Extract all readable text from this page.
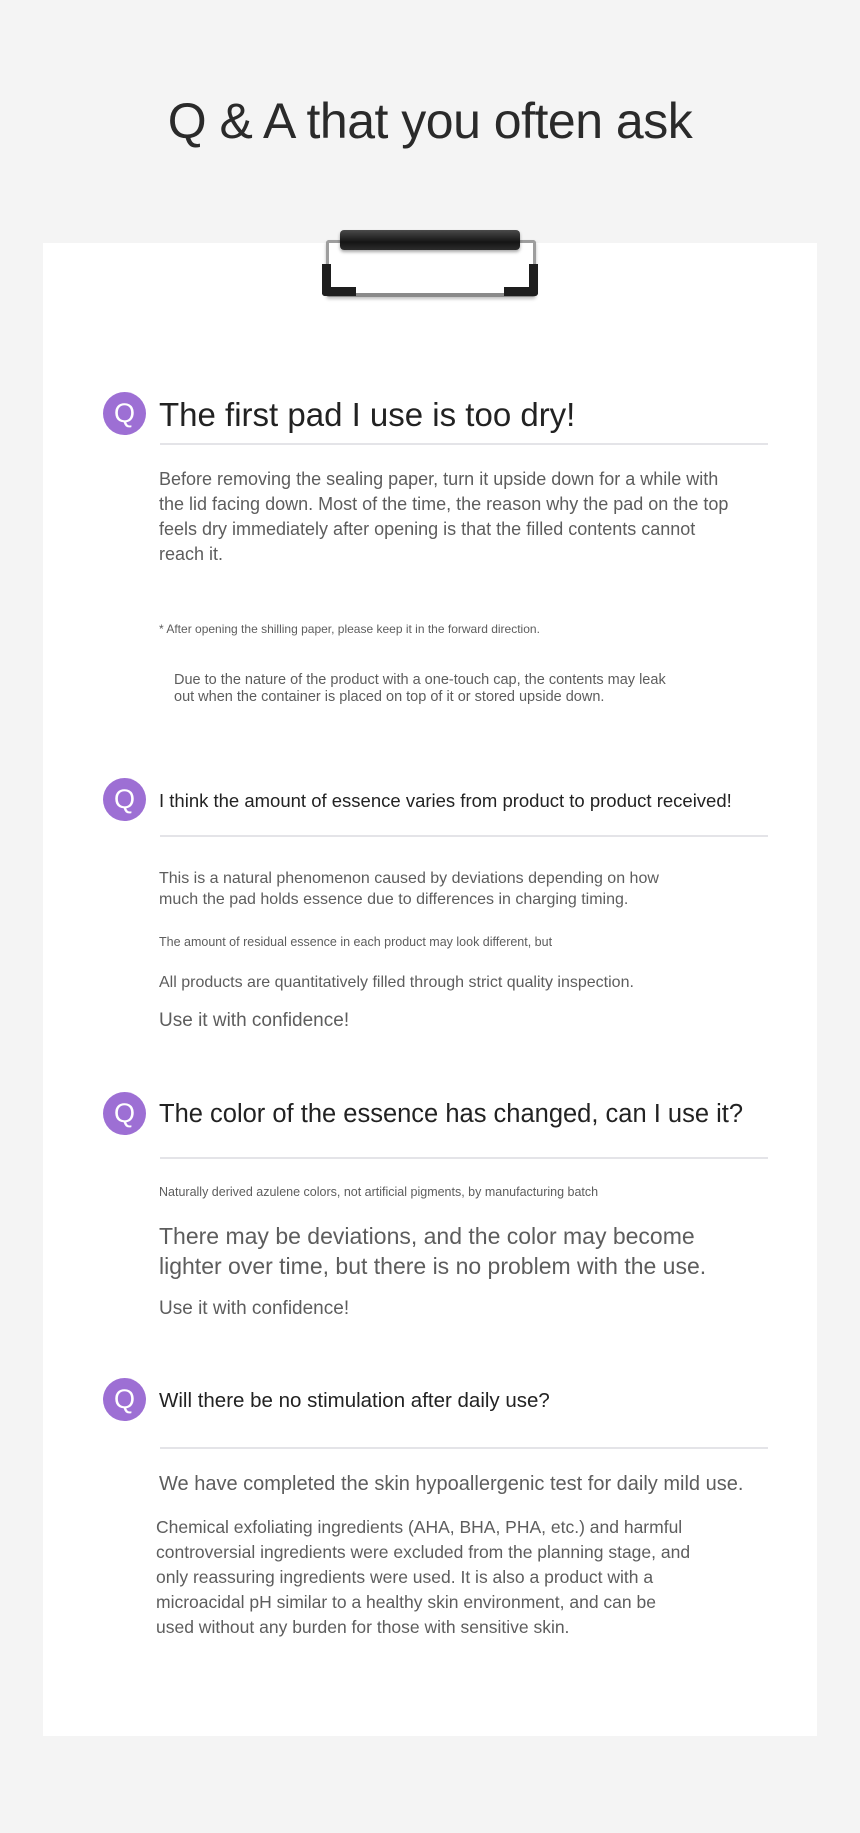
Q & A that you often ask
Q The first pad I use is too dry!
Before removing the sealing paper, turn it upside down for a while with
the lid facing down. Most of the time, the reason why the pad on the top
feels dry immediately after opening is that the filled contents cannot
reach it.
* After opening the shilling paper, please keep it in the forward direction.
Due to the nature of the product with a one-touch cap, the contents may leak
out when the container is placed on top of it or stored upside down.
Q	I think the amount of essence varies from product to product received!
This is a natural phenomenon caused by deviations depending on how
much the pad holds essence due to differences in charging timing.
The amount of residual essence in each product may look different, but
All products are quantitatively filled through strict quality inspection.
Use it with confidence!
Q The color of the essence has changed, can I use it?
Naturally derived azulene colors, not artificial pigments, by manufacturing batch
There may be deviations, and the color may become
lighter over time, but there is no problem with the use.
Use it with confidence!
Q	Will there be no stimulation after daily use?
We have completed the skin hypoallergenic test for daily mild use.
Chemical exfoliating ingredients (AHA, BHA, PHA, etc.) and harmful
controversial ingredients were excluded from the planning stage, and
only reassuring ingredients were used. It is also a product with a
microacidal pH similar to a healthy skin environment, and can be
used without any burden for those with sensitive skin.
